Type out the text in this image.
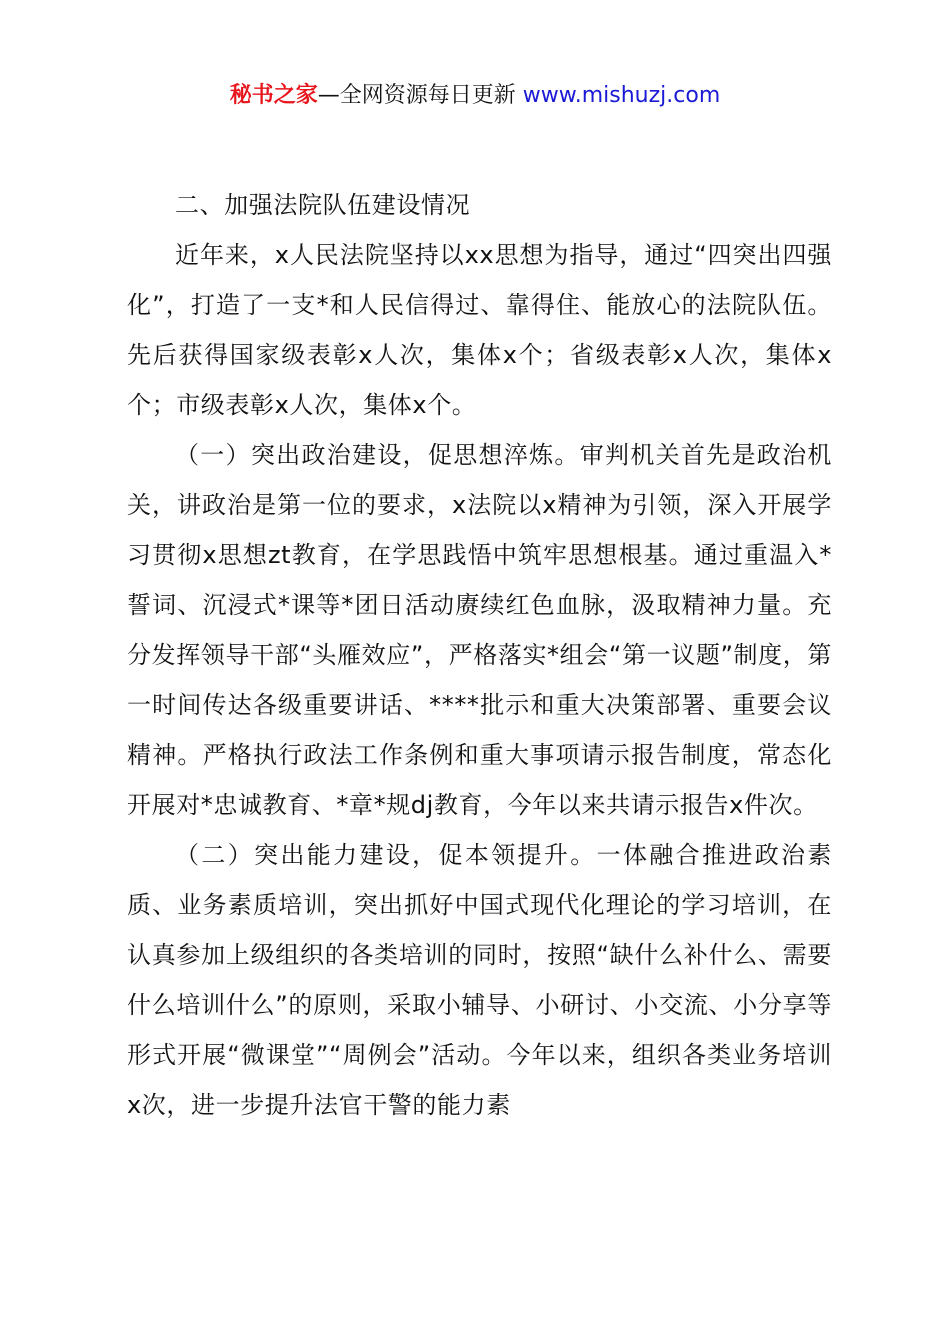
秘书之家—全网资源每日更新 www.mishuzj.com

二、加强法院队伍建设情况

近年来，x人民法院坚持以xx思想为指导，通过“四突出四强化”，打造了一支*和人民信得过、靠得住、能放心的法院队伍。先后获得国家级表彰x人次，集体x个；省级表彰x人次，集体x个；市级表彰x人次，集体x个。

（一）突出政治建设，促思想淬炼。审判机关首先是政治机关，讲政治是第一位的要求，x法院以x精神为引领，深入开展学习贯彻x思想zt教育，在学思践悟中筑牢思想根基。通过重温入*誓词、沉浸式*课等*团日活动赓续红色血脉，汲取精神力量。充分发挥领导干部“头雁效应”，严格落实*组会“第一议题”制度，第一时间传达各级重要讲话、****批示和重大决策部署、重要会议精神。严格执行政法工作条例和重大事项请示报告制度，常态化开展对*忠诚教育、*章*规dj教育，今年以来共请示报告x件次。

（二）突出能力建设，促本领提升。一体融合推进政治素质、业务素质培训，突出抓好中国式现代化理论的学习培训，在认真参加上级组织的各类培训的同时，按照“缺什么补什么、需要什么培训什么”的原则，采取小辅导、小研讨、小交流、小分享等形式开展“微课堂”“周例会”活动。今年以来，组织各类业务培训x次，进一步提升法官干警的能力素
